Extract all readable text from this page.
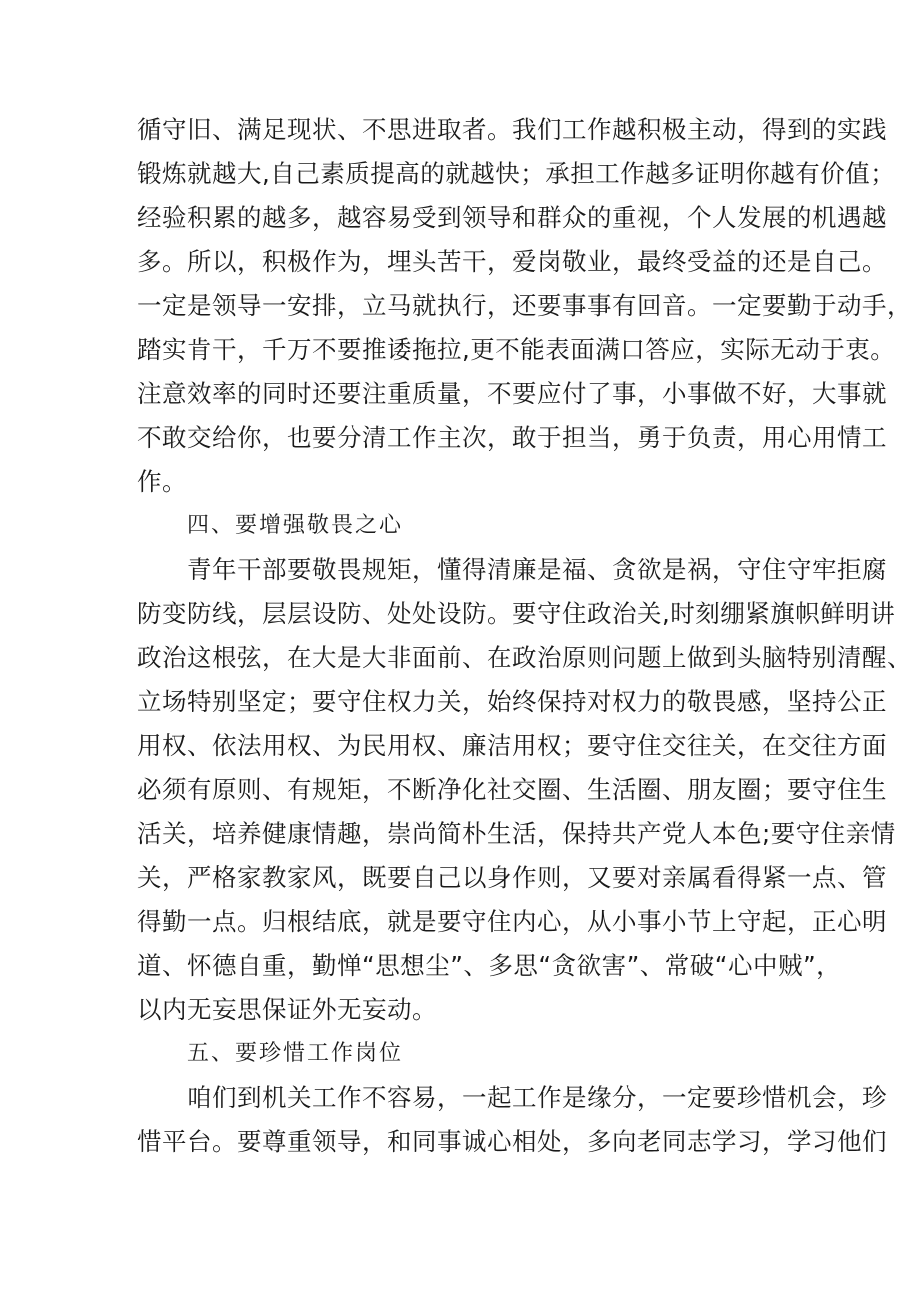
循守旧、满足现状、不思进取者。我们工作越积极主动，得到的实践
锻炼就越大,自己素质提高的就越快；承担工作越多证明你越有价值；
经验积累的越多，越容易受到领导和群众的重视，个人发展的机遇越
多。所以，积极作为，埋头苦干，爱岗敬业，最终受益的还是自己。
一定是领导一安排，立马就执行，还要事事有回音。一定要勤于动手，
踏实肯干，千万不要推诿拖拉,更不能表面满口答应，实际无动于衷。
注意效率的同时还要注重质量，不要应付了事，小事做不好，大事就
不敢交给你，也要分清工作主次，敢于担当，勇于负责，用心用情工
作。
四、要增强敬畏之心
青年干部要敬畏规矩，懂得清廉是福、贪欲是祸，守住守牢拒腐
防变防线，层层设防、处处设防。要守住政治关,时刻绷紧旗帜鲜明讲
政治这根弦，在大是大非面前、在政治原则问题上做到头脑特别清醒、
立场特别坚定；要守住权力关，始终保持对权力的敬畏感，坚持公正
用权、依法用权、为民用权、廉洁用权；要守住交往关，在交往方面
必须有原则、有规矩，不断净化社交圈、生活圈、朋友圈；要守住生
活关，培养健康情趣，崇尚简朴生活，保持共产党人本色;要守住亲情
关，严格家教家风，既要自己以身作则，又要对亲属看得紧一点、管
得勤一点。归根结底，就是要守住内心，从小事小节上守起，正心明
道、怀德自重，勤惮“思想尘”、多思“贪欲害”、常破“心中贼”，
以内无妄思保证外无妄动。
五、要珍惜工作岗位
咱们到机关工作不容易，一起工作是缘分，一定要珍惜机会，珍
惜平台。要尊重领导，和同事诚心相处，多向老同志学习，学习他们
